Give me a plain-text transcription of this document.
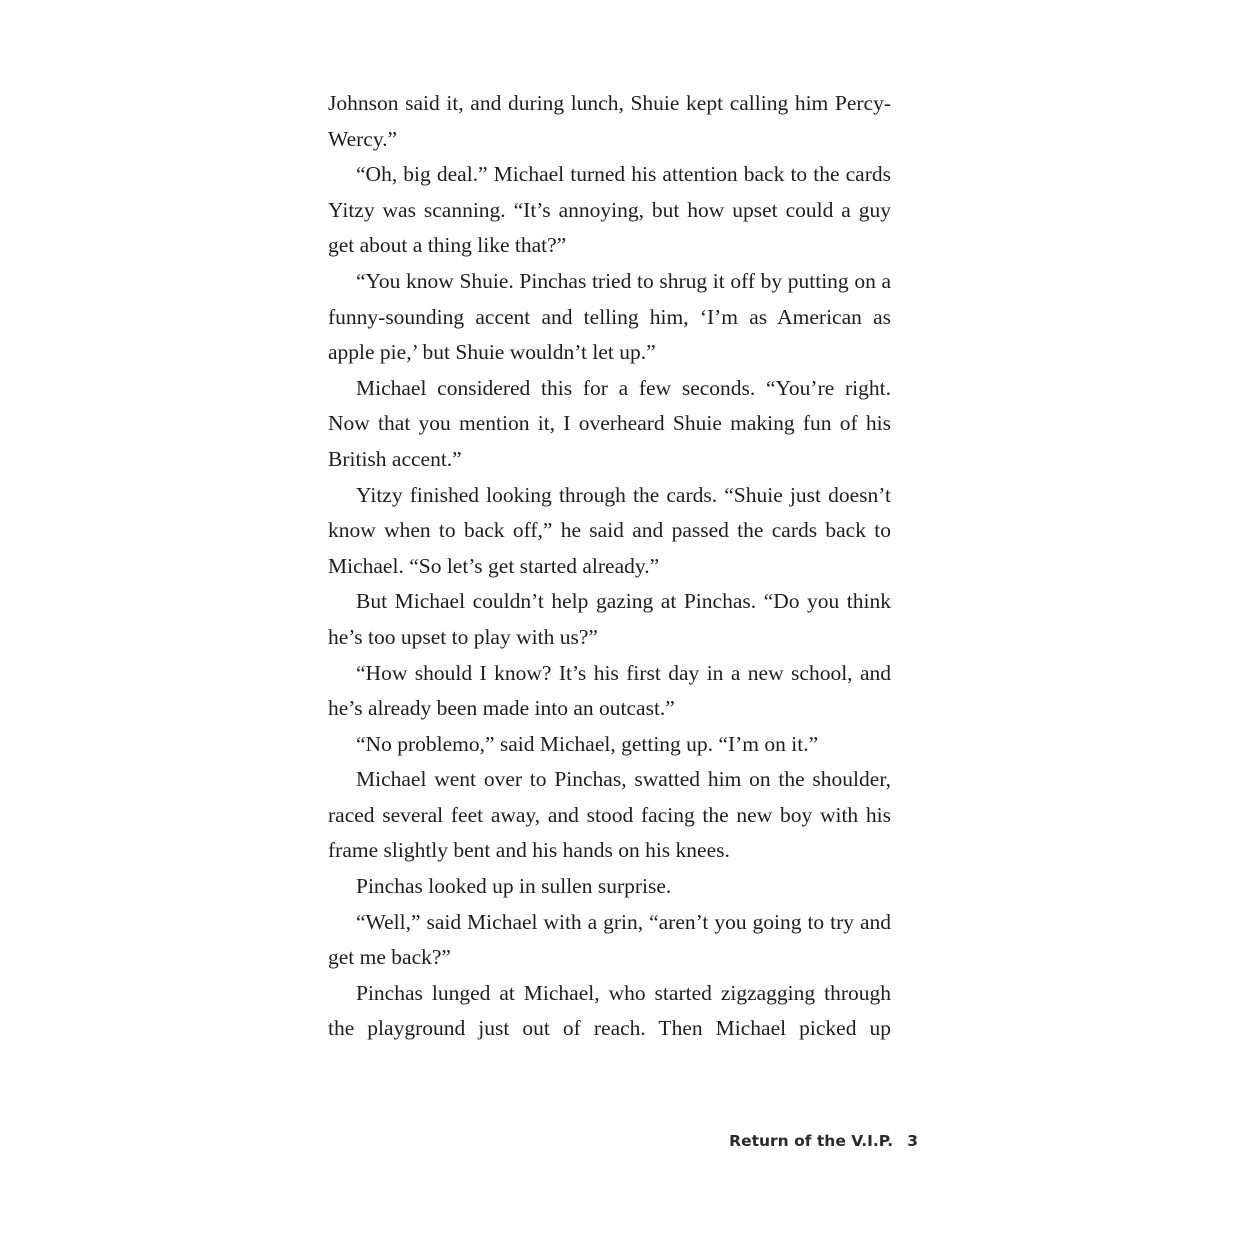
Johnson said it, and during lunch, Shuie kept calling him Percy-Wercy.”

“Oh, big deal.” Michael turned his attention back to the cards Yitzy was scanning. “It’s annoying, but how upset could a guy get about a thing like that?”

“You know Shuie. Pinchas tried to shrug it off by putting on a funny-sounding accent and telling him, ‘I’m as American as apple pie,’ but Shuie wouldn’t let up.”

Michael considered this for a few seconds. “You’re right. Now that you mention it, I overheard Shuie making fun of his British accent.”

Yitzy finished looking through the cards. “Shuie just doesn’t know when to back off,” he said and passed the cards back to Michael. “So let’s get started already.”

But Michael couldn’t help gazing at Pinchas. “Do you think he’s too upset to play with us?”

“How should I know? It’s his first day in a new school, and he’s already been made into an outcast.”

“No problemo,” said Michael, getting up. “I’m on it.”

Michael went over to Pinchas, swatted him on the shoulder, raced several feet away, and stood facing the new boy with his frame slightly bent and his hands on his knees.

Pinchas looked up in sullen surprise.

“Well,” said Michael with a grin, “aren’t you going to try and get me back?”

Pinchas lunged at Michael, who started zigzagging through the playground just out of reach. Then Michael picked up

Return of the V.I.P. 3
